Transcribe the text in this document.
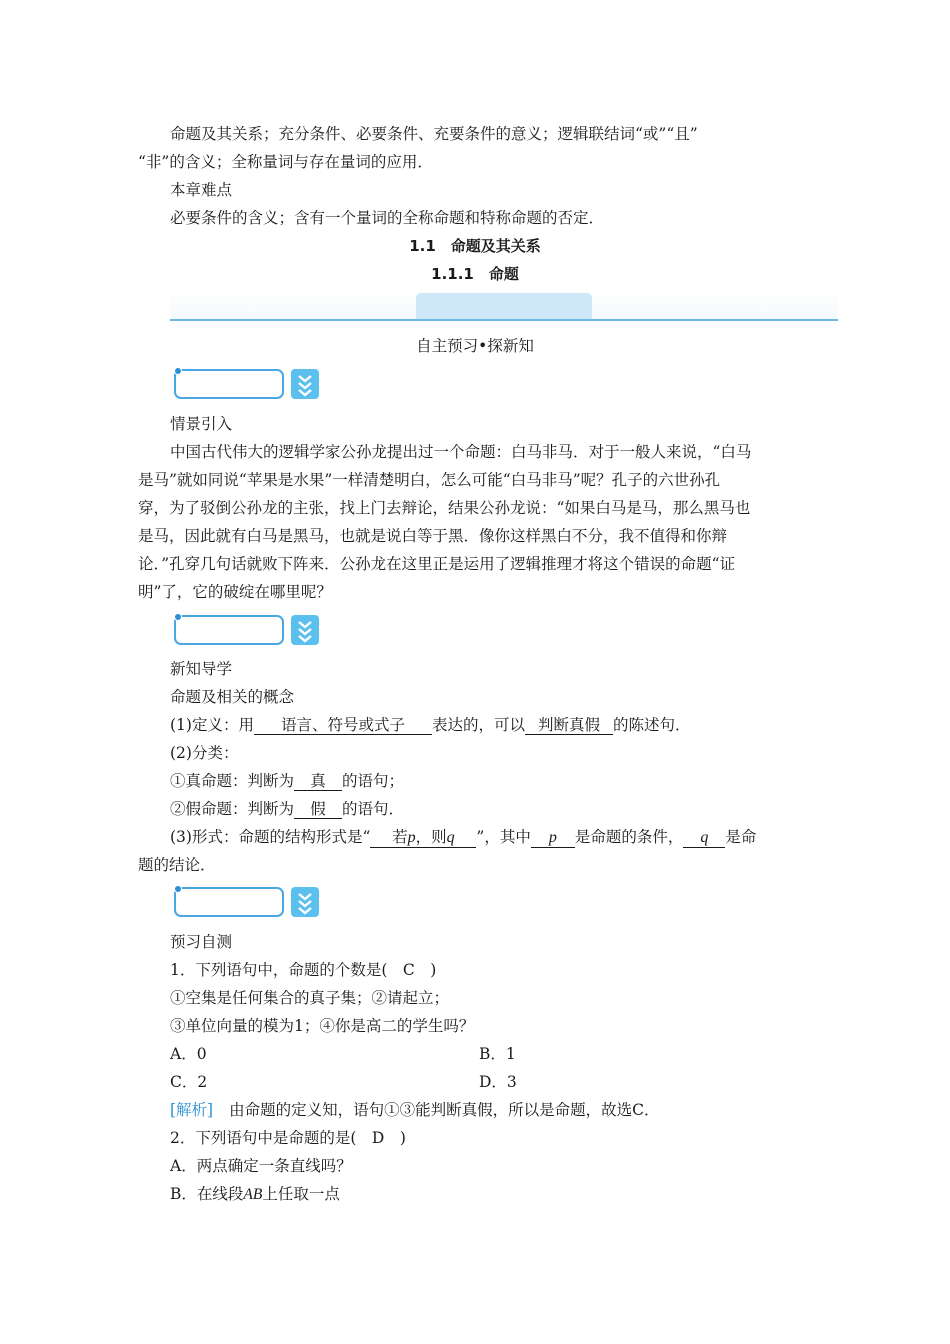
命题及其关系；充分条件、必要条件、充要条件的意义；逻辑联结词“或”“且”
“非”的含义；全称量词与存在量词的应用．
本章难点
必要条件的含义；含有一个量词的全称命题和特称命题的否定．
1.1　命题及其关系
1.1.1　命题
自主预习•探新知
情景引入
中国古代伟大的逻辑学家公孙龙提出过一个命题：白马非马．对于一般人来说，“白马
是马”就如同说“苹果是水果”一样清楚明白，怎么可能“白马非马”呢？孔子的六世孙孔
穿，为了驳倒公孙龙的主张，找上门去辩论，结果公孙龙说：“如果白马是马，那么黑马也
是马，因此就有白马是黑马，也就是说白等于黑．像你这样黑白不分，我不值得和你辩
论．”孔穿几句话就败下阵来．公孙龙在这里正是运用了逻辑推理才将这个错误的命题“证
明”了，它的破绽在哪里呢？
新知导学
命题及相关的概念
(1)定义：用 语言、符号或式子 表达的，可以 判断真假 的陈述句．
(2)分类：
①真命题：判断为 真 的语句；
②假命题：判断为 假 的语句．
(3)形式：命题的结构形式是“ 若p，则q ”，其中 p 是命题的条件， q 是命
题的结论．
预习自测
1．下列语句中，命题的个数是(　C　)
①空集是任何集合的真子集；②请起立；
③单位向量的模为1；④你是高二的学生吗？
A．0	B．1
C．2	D．3
[解析] 由命题的定义知，语句①③能判断真假，所以是命题，故选C．
2．下列语句中是命题的是(　D　)
A．两点确定一条直线吗？
B．在线段AB上任取一点
